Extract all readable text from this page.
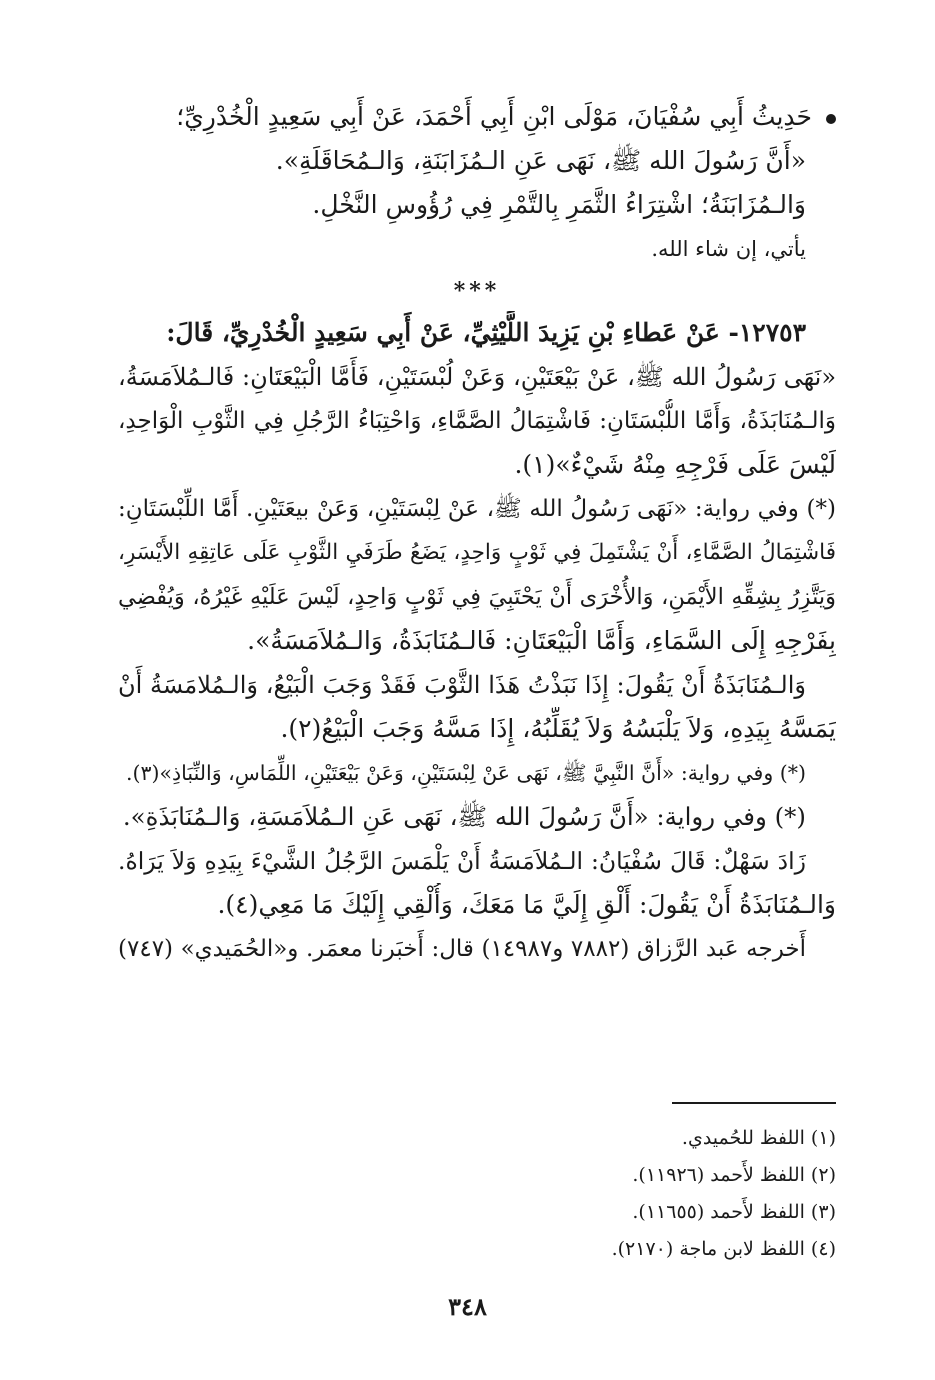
حَدِيثُ أَبِي سُفْيَانَ، مَوْلَى ابْنِ أَبِي أَحْمَدَ، عَنْ أَبِي سَعِيدٍ الْخُدْرِيِّ؛
«أَنَّ رَسُولَ الله ﷺ، نَهَى عَنِ الـمُزَابَنَةِ، وَالـمُحَاقَلَةِ».
وَالـمُزَابَنَةُ؛ اشْتِرَاءُ الثَّمَرِ بِالتَّمْرِ فِي رُؤُوسِ النَّخْلِ.
يأتي، إن شاء الله.
***
١٢٧٥٣- عَنْ عَطاءِ بْنِ يَزِيدَ اللَّيْثِيِّ، عَنْ أَبِي سَعِيدٍ الْخُدْرِيِّ، قَالَ:
«نَهَى رَسُولُ الله ﷺ، عَنْ بَيْعَتَيْنِ، وَعَنْ لُبْسَتَيْنِ، فَأَمَّا الْبَيْعَتَانِ: فَالـمُلاَمَسَةُ،
وَالـمُنَابَذَةُ، وَأَمَّا اللُّبْسَتَانِ: فَاشْتِمَالُ الصَّمَّاءِ، وَاحْتِبَاءُ الرَّجُلِ فِي الثَّوْبِ الْوَاحِدِ،
لَيْسَ عَلَى فَرْجِهِ مِنْهُ شَيْءٌ»(١).
(*) وفي رواية: «نَهَى رَسُولُ الله ﷺ، عَنْ لِبْسَتَيْنِ، وَعَنْ بيعَتَيْنِ. أَمَّا اللِّبْسَتَانِ:
فَاشْتِمَالُ الصَّمَّاءِ، أَنْ يَشْتَمِلَ فِي ثَوْبٍ وَاحِدٍ، يَضَعُ طَرَفَيِ الثَّوْبِ عَلَى عَاتِقِهِ الأَيْسَرِ،
وَيَتَّزِرُ بِشِقِّهِ الأَيْمَنِ، وَالأُخْرَى أَنْ يَحْتَبِيَ فِي ثَوْبٍ وَاحِدٍ، لَيْسَ عَلَيْهِ غَيْرُهُ، وَيُفْضِي
بِفَرْجِهِ إِلَى السَّمَاءِ، وَأَمَّا الْبَيْعَتَانِ: فَالـمُنَابَذَةُ، وَالـمُلاَمَسَةُ».
وَالـمُنَابَذَةُ أَنْ يَقُولَ: إِذَا نَبَذْتُ هَذَا الثَّوْبَ فَقَدْ وَجَبَ الْبَيْعُ، وَالـمُلامَسَةُ أَنْ
يَمَسَّهُ بِيَدِهِ، وَلاَ يَلْبَسُهُ وَلاَ يُقَلِّبُهُ، إِذَا مَسَّهُ وَجَبَ الْبَيْعُ(٢).
(*) وفي رواية: «أَنَّ النَّبِيَّ ﷺ، نَهَى عَنْ لِبْسَتَيْنِ، وَعَنْ بَيْعَتَيْنِ، اللِّمَاسِ، وَالنِّبَاذِ»(٣).
(*) وفي رواية: «أَنَّ رَسُولَ الله ﷺ، نَهَى عَنِ الـمُلاَمَسَةِ، وَالـمُنَابَذَةِ».
زَادَ سَهْلٌ: قَالَ سُفْيَانُ: الـمُلاَمَسَةُ أَنْ يَلْمَسَ الرَّجُلُ الشَّيْءَ بِيَدِهِ وَلاَ يَرَاهُ.
وَالـمُنَابَذَةُ أَنْ يَقُولَ: أَلْقِ إِلَيَّ مَا مَعَكَ، وَأُلْقِي إِلَيْكَ مَا مَعِي(٤).
أَخرجه عَبد الرَّزاق (٧٨٨٢ و١٤٩٨٧) قال: أَخبَرنا معمَر. و«الحُمَيدي» (٧٤٧)
(١) اللفظ للحُميدي.
(٢) اللفظ لأَحمد (١١٩٢٦).
(٣) اللفظ لأَحمد (١١٦٥٥).
(٤) اللفظ لابن ماجة (٢١٧٠).
٣٤٨
